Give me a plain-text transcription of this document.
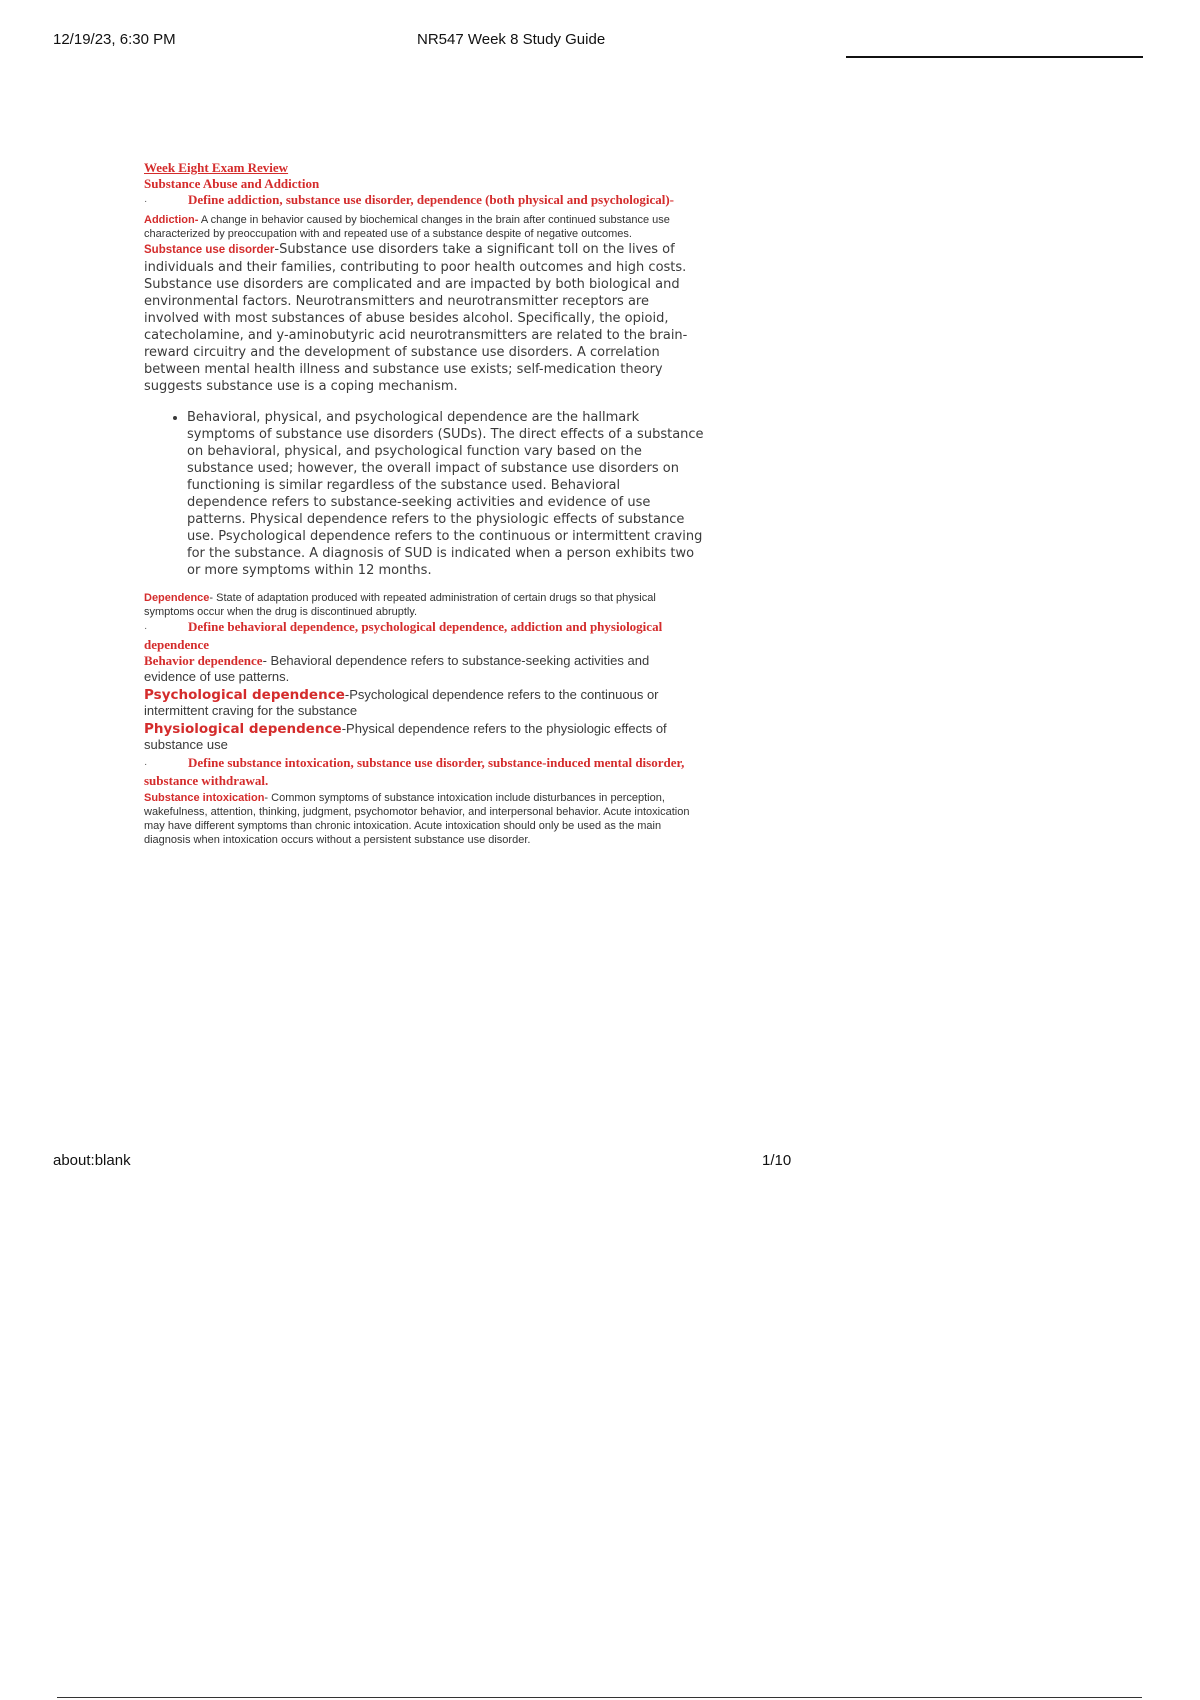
12/19/23, 6:30 PM	NR547 Week 8 Study Guide
Week Eight Exam Review
Substance Abuse and Addiction
·	Define addiction, substance use disorder, dependence (both physical and psychological)-
Addiction- A change in behavior caused by biochemical changes in the brain after continued substance use characterized by preoccupation with and repeated use of a substance despite of negative outcomes.

Substance use disorder-Substance use disorders take a significant toll on the lives of individuals and their families, contributing to poor health outcomes and high costs. Substance use disorders are complicated and are impacted by both biological and environmental factors. Neurotransmitters and neurotransmitter receptors are involved with most substances of abuse besides alcohol. Specifically, the opioid, catecholamine, and y-aminobutyric acid neurotransmitters are related to the brain-reward circuitry and the development of substance use disorders. A correlation between mental health illness and substance use exists; self-medication theory suggests substance use is a coping mechanism.

• Behavioral, physical, and psychological dependence are the hallmark symptoms of substance use disorders (SUDs). The direct effects of a substance on behavioral, physical, and psychological function vary based on the substance used; however, the overall impact of substance use disorders on functioning is similar regardless of the substance used. Behavioral dependence refers to substance-seeking activities and evidence of use patterns. Physical dependence refers to the physiologic effects of substance use. Psychological dependence refers to the continuous or intermittent craving for the substance. A diagnosis of SUD is indicated when a person exhibits two or more symptoms within 12 months.
Dependence- State of adaptation produced with repeated administration of certain drugs so that physical symptoms occur when the drug is discontinued abruptly.
·	Define behavioral dependence, psychological dependence, addiction and physiological dependence
Behavior dependence- Behavioral dependence refers to substance-seeking activities and evidence of use patterns.
Psychological dependence-Psychological dependence refers to the continuous or intermittent craving for the substance
Physiological dependence-Physical dependence refers to the physiologic effects of substance use
·	Define substance intoxication, substance use disorder, substance-induced mental disorder, substance withdrawal.
Substance intoxication- Common symptoms of substance intoxication include disturbances in perception, wakefulness, attention, thinking, judgment, psychomotor behavior, and interpersonal behavior. Acute intoxication may have different symptoms than chronic intoxication. Acute intoxication should only be used as the main diagnosis when intoxication occurs without a persistent substance use disorder.
about:blank	1/10
